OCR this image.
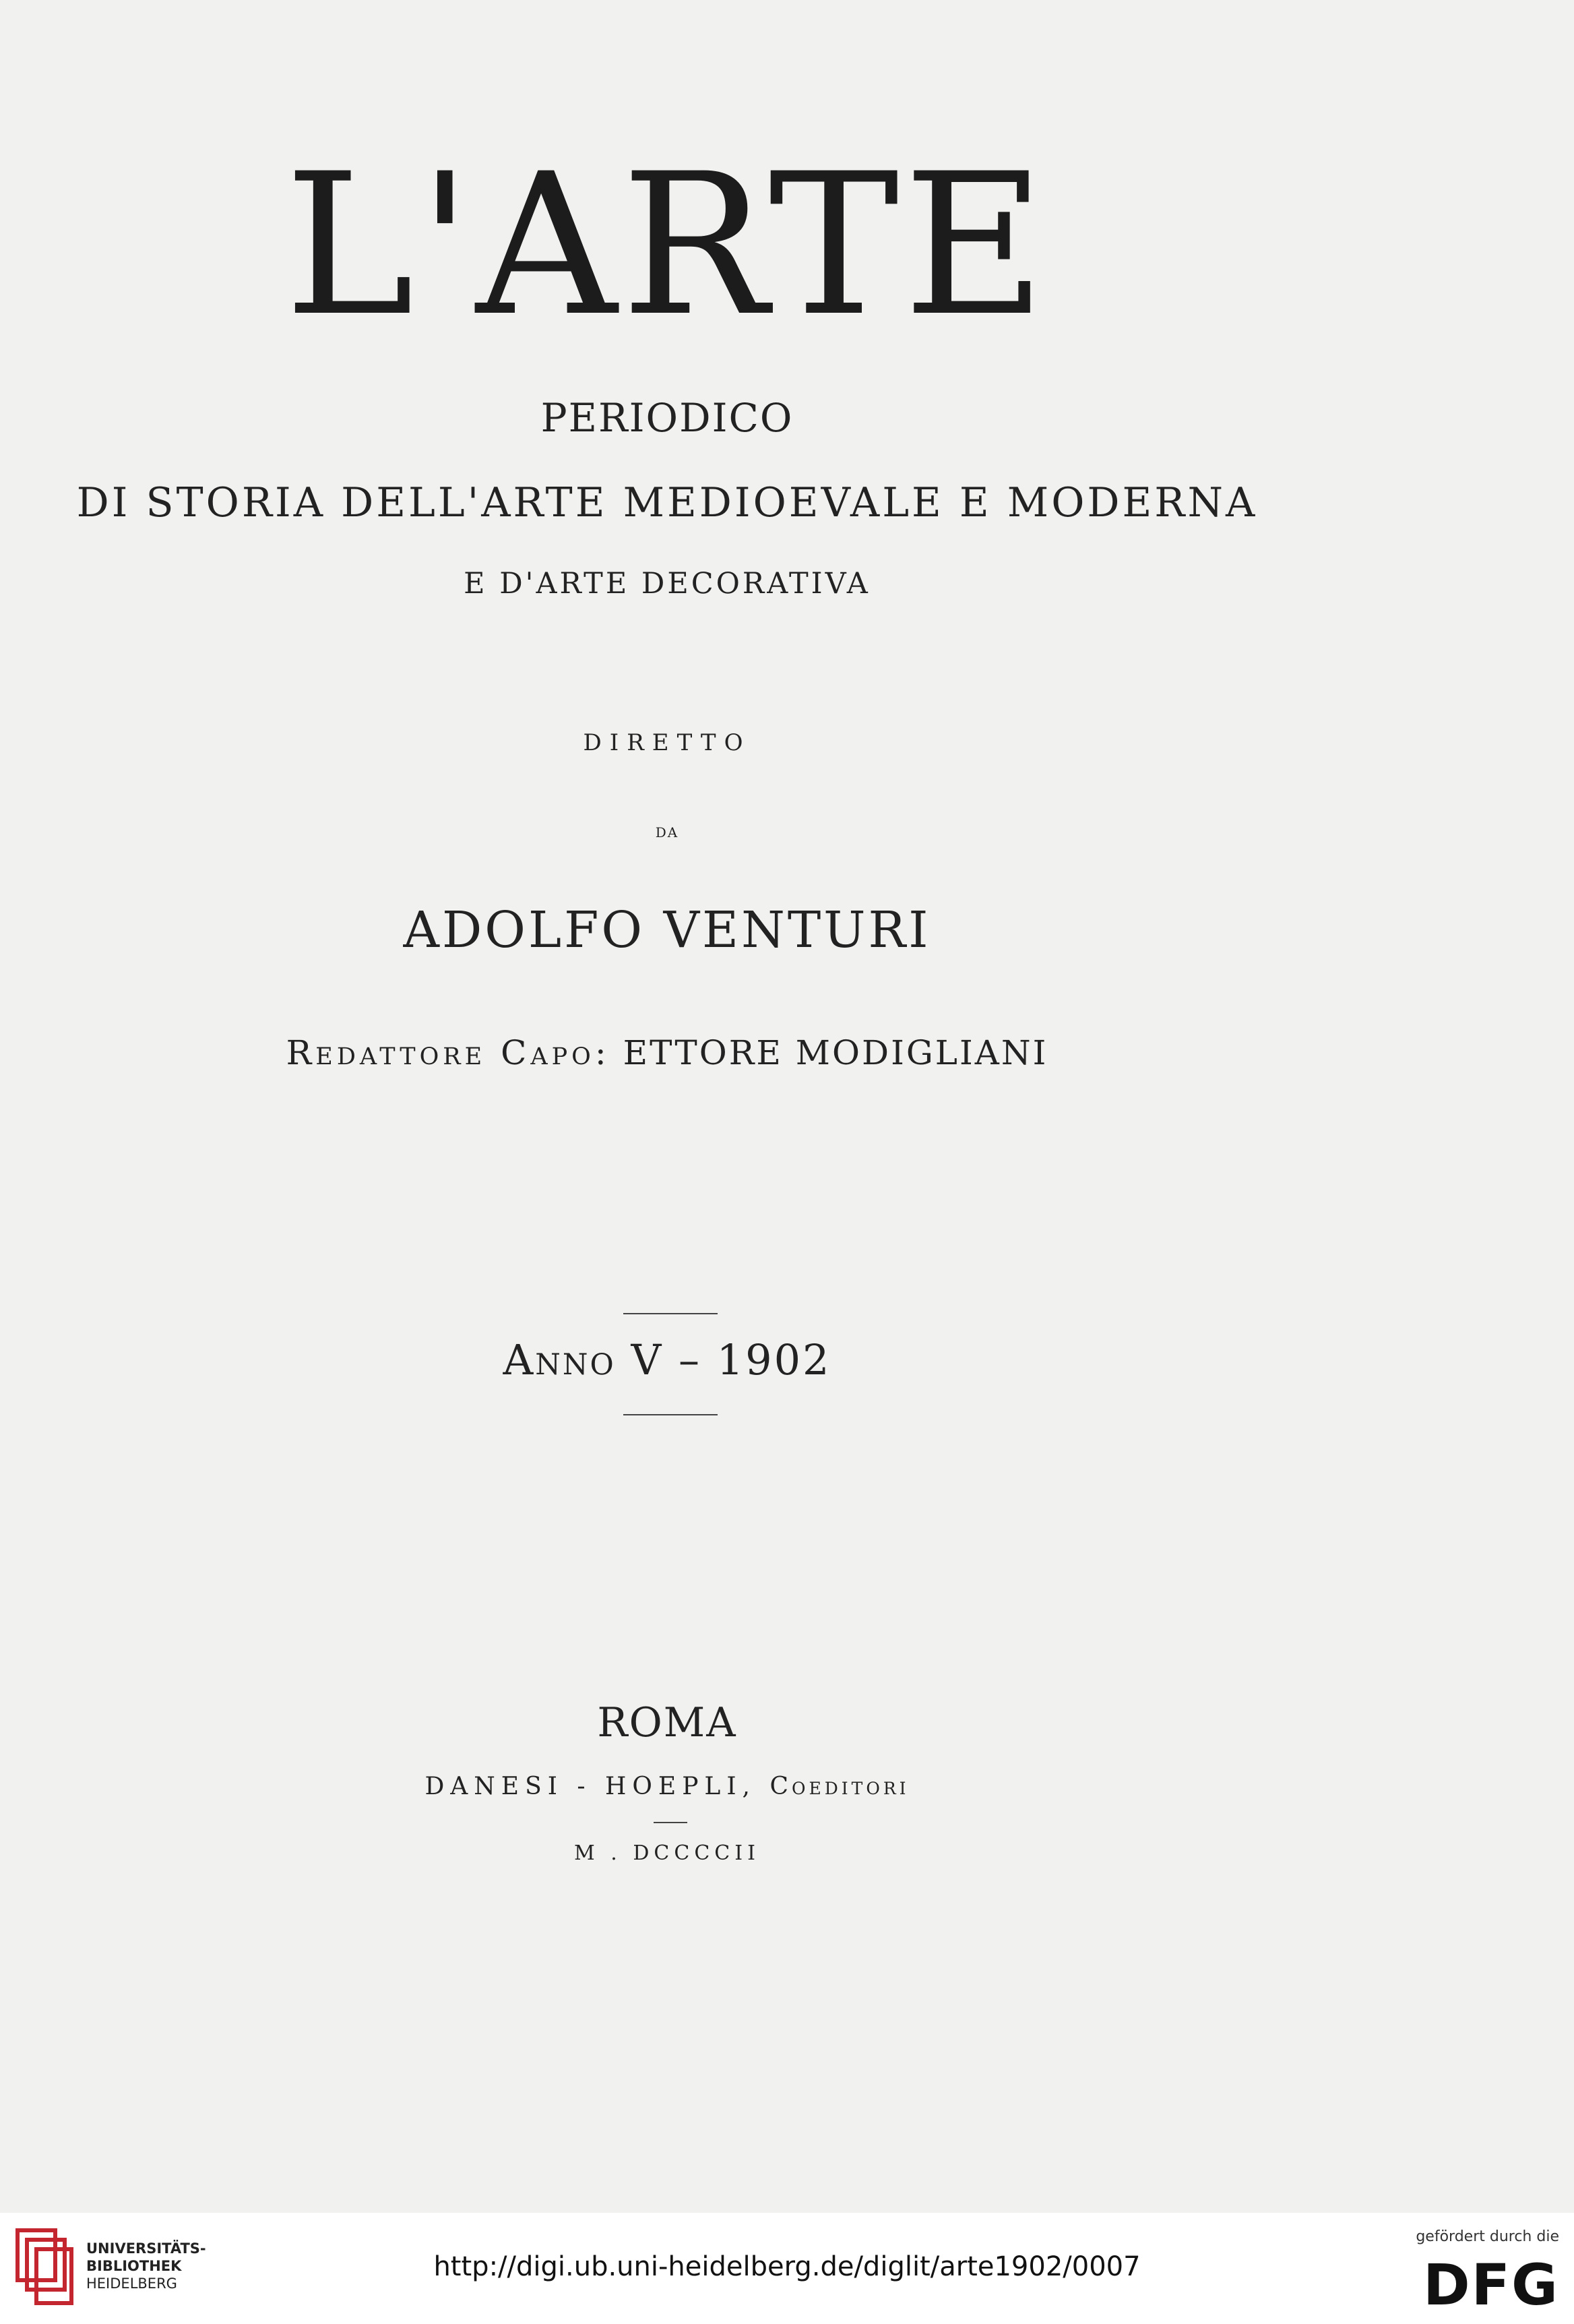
L'ARTE
PERIODICO
DI STORIA DELL'ARTE MEDIOEVALE E MODERNA
E D'ARTE DECORATIVA
DIRETTO
DA
ADOLFO VENTURI
Redattore Capo: ETTORE MODIGLIANI
Anno V – 1902
ROMA
DANESI - HOEPLI, Coeditori
M . DCCCCII
UNIVERSITÄTS-
BIBLIOTHEK
HEIDELBERG
http://digi.ub.uni-heidelberg.de/diglit/arte1902/0007
gefördert durch die
DFG
